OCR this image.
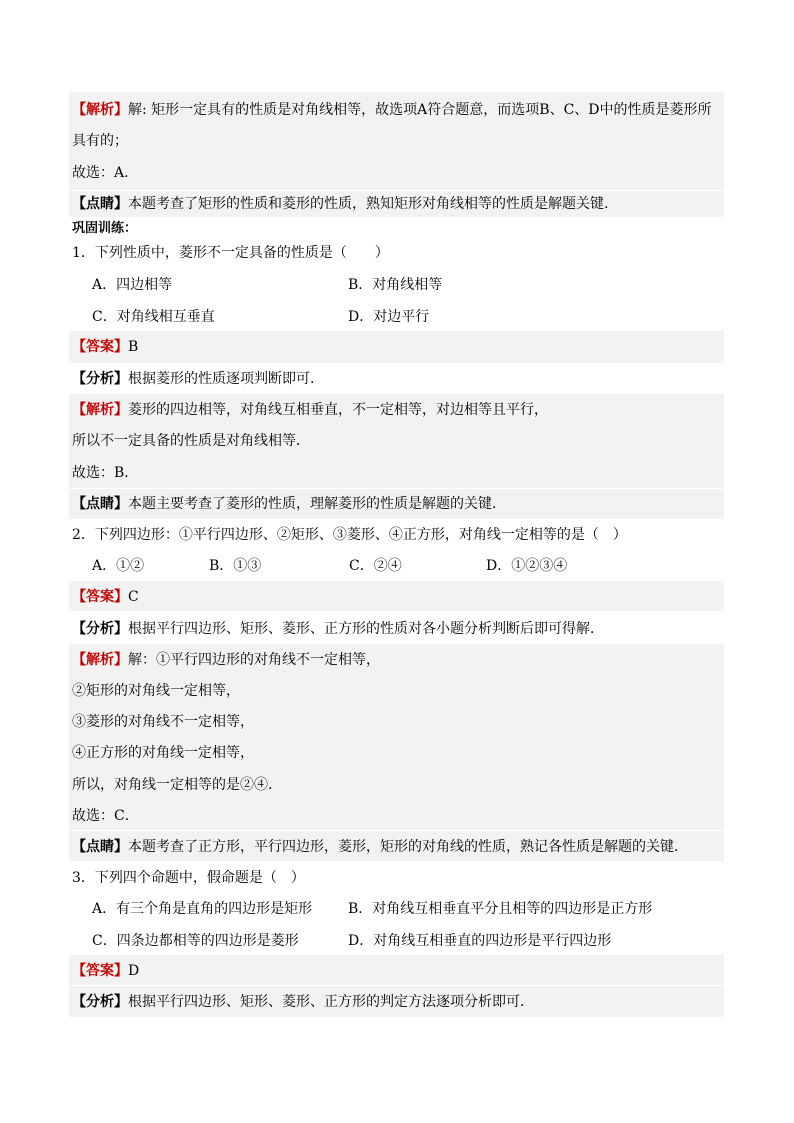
【解析】解: 矩形一定具有的性质是对角线相等，故选项A符合题意，而选项B、C、D中的性质是菱形所
具有的；
故选：A.
【点睛】本题考查了矩形的性质和菱形的性质，熟知矩形对角线相等的性质是解题关键.
巩固训练：
1．下列性质中，菱形不一定具备的性质是（　　）
A．四边相等	B．对角线相等
C．对角线相互垂直	D．对边平行
【答案】B
【分析】根据菱形的性质逐项判断即可.
【解析】菱形的四边相等，对角线互相垂直，不一定相等，对边相等且平行，
所以不一定具备的性质是对角线相等．
故选：B．
【点睛】本题主要考查了菱形的性质，理解菱形的性质是解题的关键．
2．下列四边形：①平行四边形、②矩形、③菱形、④正方形，对角线一定相等的是（　）
A．①②	B．①③	C．②④	D．①②③④
【答案】C
【分析】根据平行四边形、矩形、菱形、正方形的性质对各小题分析判断后即可得解．
【解析】解：①平行四边形的对角线不一定相等，
②矩形的对角线一定相等，
③菱形的对角线不一定相等，
④正方形的对角线一定相等，
所以，对角线一定相等的是②④.
故选：C．
【点睛】本题考查了正方形，平行四边形，菱形，矩形的对角线的性质，熟记各性质是解题的关键．
3．下列四个命题中，假命题是（　）
A．有三个角是直角的四边形是矩形	B．对角线互相垂直平分且相等的四边形是正方形
C．四条边都相等的四边形是菱形	D．对角线互相垂直的四边形是平行四边形
【答案】D
【分析】根据平行四边形、矩形、菱形、正方形的判定方法逐项分析即可．
